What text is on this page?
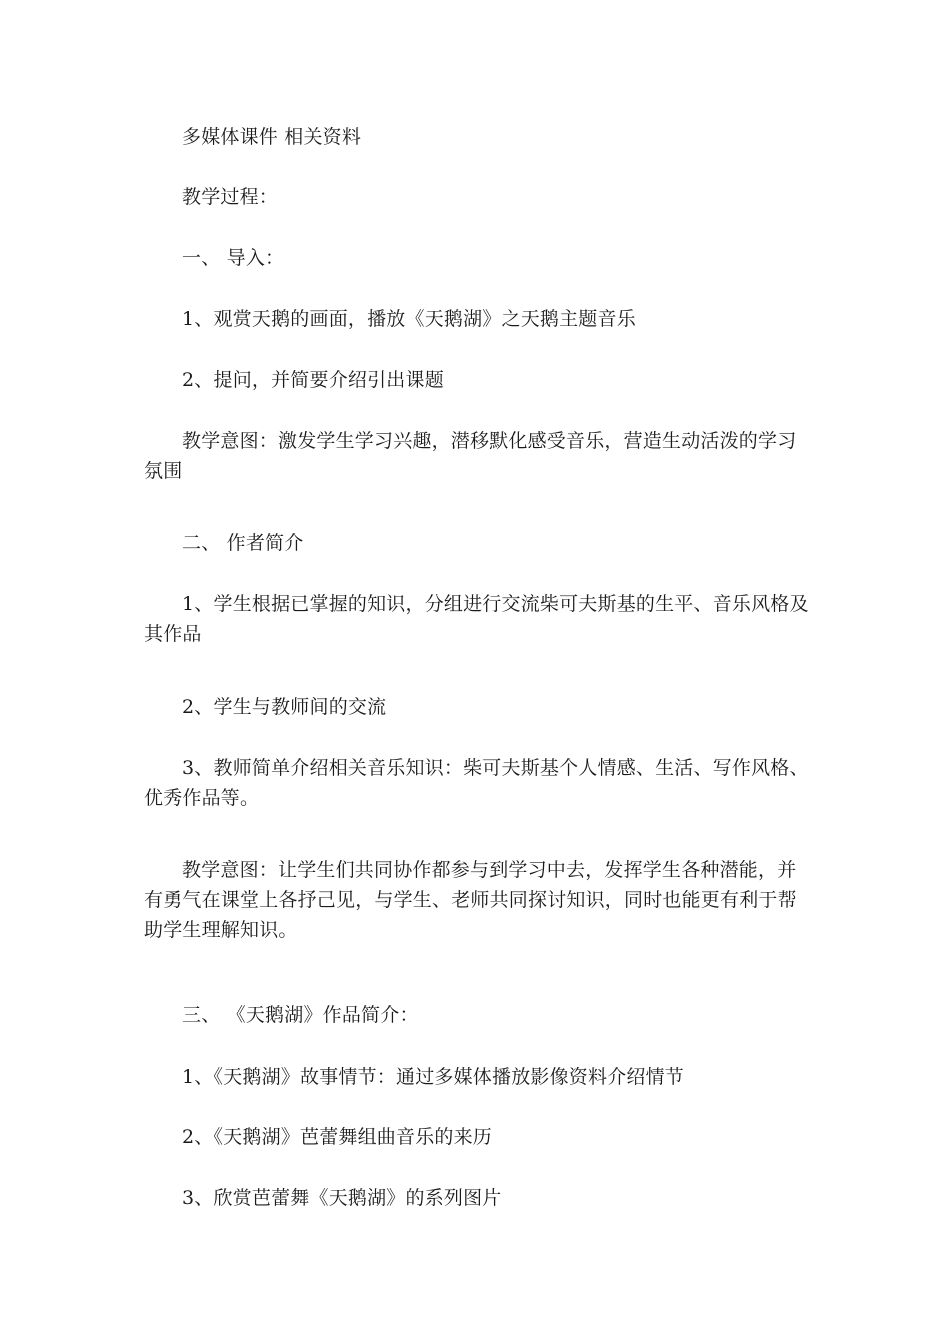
多媒体课件 相关资料

教学过程：

一、 导入：

1、观赏天鹅的画面，播放《天鹅湖》之天鹅主题音乐

2、提问，并简要介绍引出课题

教学意图：激发学生学习兴趣，潜移默化感受音乐，营造生动活泼的学习氛围

二、 作者简介

1、学生根据已掌握的知识，分组进行交流柴可夫斯基的生平、音乐风格及其作品

2、学生与教师间的交流

3、教师简单介绍相关音乐知识：柴可夫斯基个人情感、生活、写作风格、优秀作品等。

教学意图：让学生们共同协作都参与到学习中去，发挥学生各种潜能，并有勇气在课堂上各抒己见，与学生、老师共同探讨知识，同时也能更有利于帮助学生理解知识。

三、 《天鹅湖》作品简介：

1、《天鹅湖》故事情节：通过多媒体播放影像资料介绍情节

2、《天鹅湖》芭蕾舞组曲音乐的来历

3、欣赏芭蕾舞《天鹅湖》的系列图片
